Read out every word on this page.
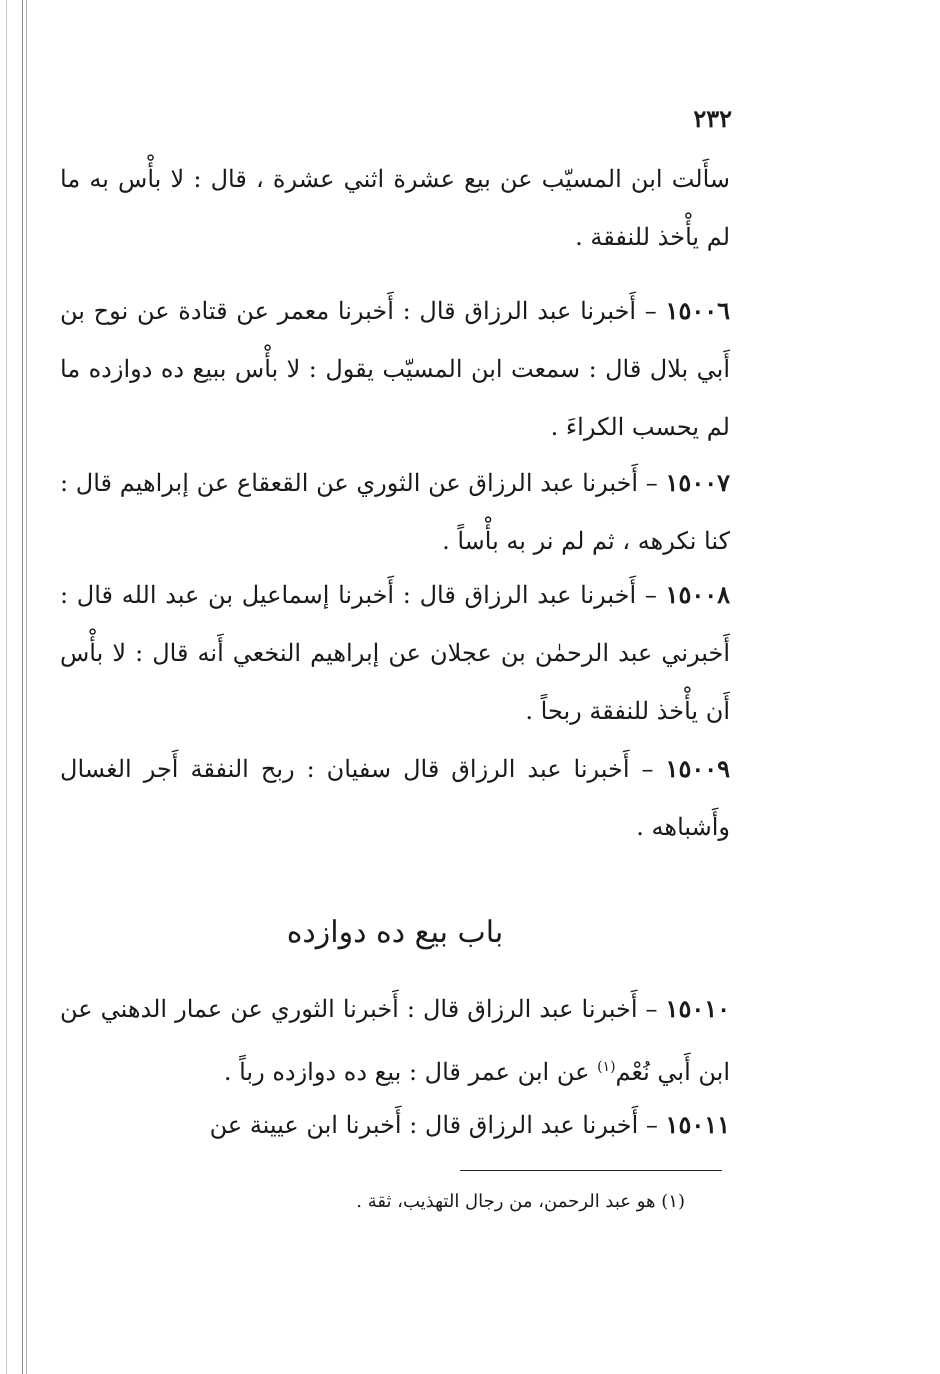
٢٣٢
سأَلت ابن المسيّب عن بيع عشرة اثني عشرة ، قال : لا بأْس به ما لم يأْخذ للنفقة .
١٥٠٠٦ – أَخبرنا عبد الرزاق قال : أَخبرنا معمر عن قتادة عن نوح بن أَبي بلال قال : سمعت ابن المسيّب يقول : لا بأْس ببيع ده دوازده ما لم يحسب الكراءَ .
١٥٠٠٧ – أَخبرنا عبد الرزاق عن الثوري عن القعقاع عن إبراهيم قال : كنا نكرهه ، ثم لم نر به بأْساً .
١٥٠٠٨ – أَخبرنا عبد الرزاق قال : أَخبرنا إسماعيل بن عبد الله قال : أَخبرني عبد الرحمٰن بن عجلان عن إبراهيم النخعي أَنه قال : لا بأْس أَن يأْخذ للنفقة ربحاً .
١٥٠٠٩ – أَخبرنا عبد الرزاق قال سفيان : ربح النفقة أَجر الغسال وأَشباهه .
باب بيع ده دوازده
١٥٠١٠ – أَخبرنا عبد الرزاق قال : أَخبرنا الثوري عن عمار الدهني عن ابن أَبي نُعْم$^{(١)}$ عن ابن عمر قال : بيع ده دوازده رباً .
١٥٠١١ – أَخبرنا عبد الرزاق قال : أَخبرنا ابن عيينة عن
(١) هو عبد الرحمن، من رجال التهذيب، ثقة .
